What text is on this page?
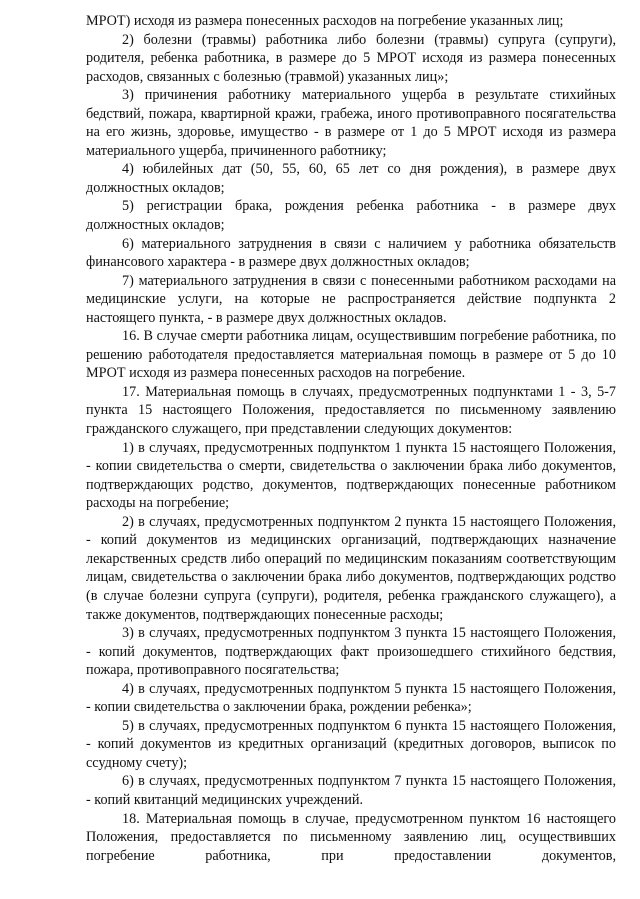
МРОТ) исходя из размера понесенных расходов на погребение указанных лиц;

2) болезни (травмы) работника либо болезни (травмы) супруга (супруги), родителя, ребенка работника, в размере до 5 МРОТ исходя из размера понесенных расходов, связанных с болезнью (травмой) указанных лиц»;

3) причинения работнику материального ущерба в результате стихийных бедствий, пожара, квартирной кражи, грабежа, иного противоправного посягательства на его жизнь, здоровье, имущество - в размере от 1 до 5 МРОТ исходя из размера материального ущерба, причиненного работнику;

4) юбилейных дат (50, 55, 60, 65 лет со дня рождения), в размере двух должностных окладов;

5) регистрации брака, рождения ребенка работника - в размере двух должностных окладов;

6) материального затруднения в связи с наличием у работника обязательств финансового характера - в размере двух должностных окладов;

7) материального затруднения в связи с понесенными работником расходами на медицинские услуги, на которые не распространяется действие подпункта 2 настоящего пункта, - в размере двух должностных окладов.

16. В случае смерти работника лицам, осуществившим погребение работника, по решению работодателя предоставляется материальная помощь в размере от 5 до 10 МРОТ исходя из размера понесенных расходов на погребение.

17. Материальная помощь в случаях, предусмотренных подпунктами 1 - 3, 5-7 пункта 15 настоящего Положения, предоставляется по письменному заявлению гражданского служащего, при представлении следующих документов:

1) в случаях, предусмотренных подпунктом 1 пункта 15 настоящего Положения, - копии свидетельства о смерти, свидетельства о заключении брака либо документов, подтверждающих родство, документов, подтверждающих понесенные работником расходы на погребение;

2) в случаях, предусмотренных подпунктом 2 пункта 15 настоящего Положения, - копий документов из медицинских организаций, подтверждающих назначение лекарственных средств либо операций по медицинским показаниям соответствующим лицам, свидетельства о заключении брака либо документов, подтверждающих родство (в случае болезни супруга (супруги), родителя, ребенка гражданского служащего), а также документов, подтверждающих понесенные расходы;

3) в случаях, предусмотренных подпунктом 3 пункта 15 настоящего Положения, - копий документов, подтверждающих факт произошедшего стихийного бедствия, пожара, противоправного посягательства;

4) в случаях, предусмотренных подпунктом 5 пункта 15 настоящего Положения, - копии свидетельства о заключении брака, рождении ребенка»;

5) в случаях, предусмотренных подпунктом 6 пункта 15 настоящего Положения, - копий документов из кредитных организаций (кредитных договоров, выписок по ссудному счету);

6) в случаях, предусмотренных подпунктом 7 пункта 15 настоящего Положения, - копий квитанций медицинских учреждений.

18. Материальная помощь в случае, предусмотренном пунктом 16 настоящего Положения, предоставляется по письменному заявлению лиц, осуществивших погребение работника, при предоставлении документов,
